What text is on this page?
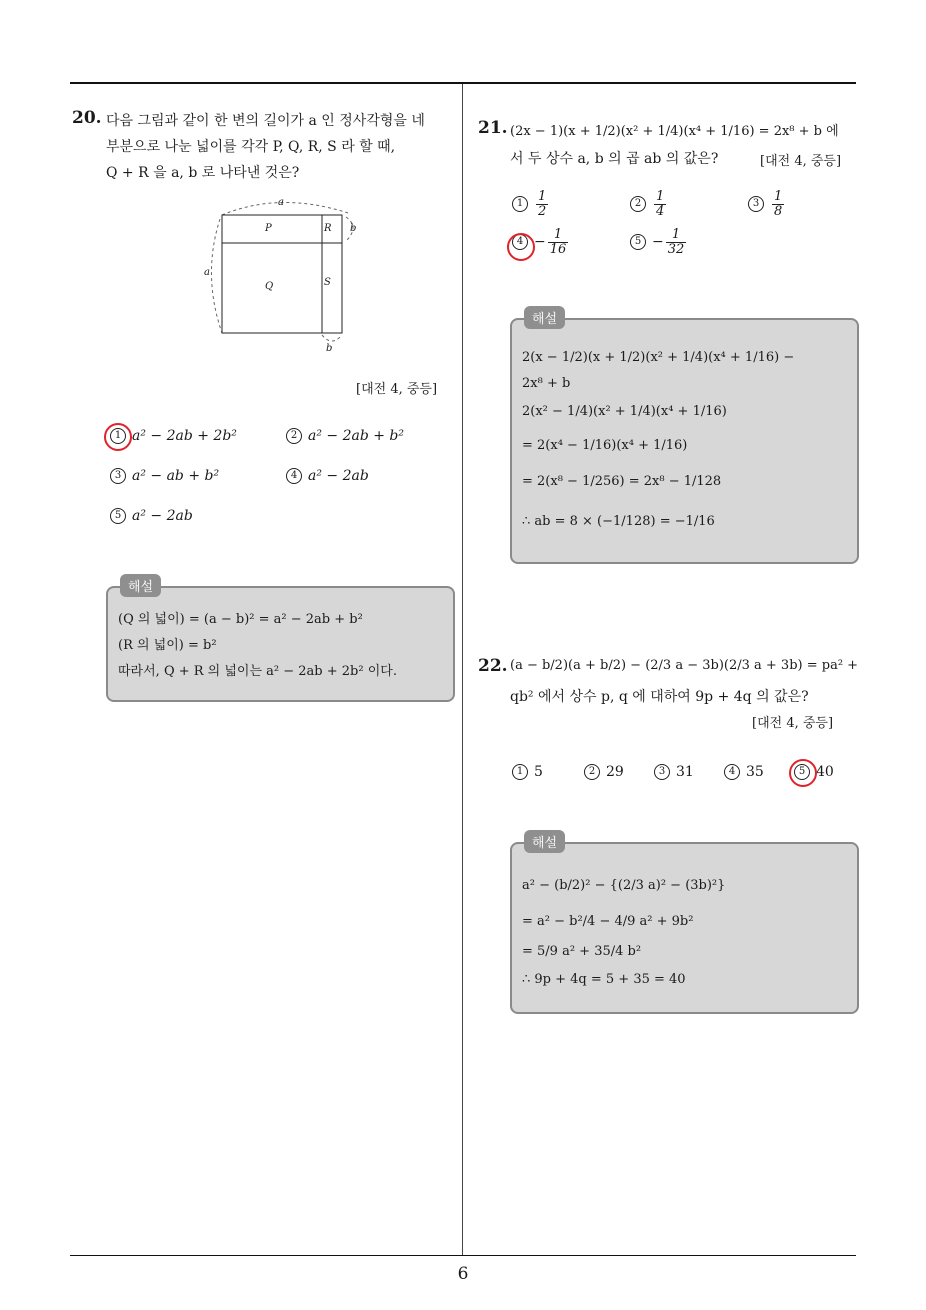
6
20. 다음 그림과 같이 한 변의 길이가 a 인 정사각형을 네
부분으로 나눈 넓이를 각각 P, Q, R, S 라 할 때,
Q + R 을 a, b 로 나타낸 것은?
a
a
b
b
P	R
Q	S
[대전 4, 중등]
1 a² − 2ab + 2b²	2 a² − 2ab + b²
3 a² − ab + b²	4 a² − 2ab
5 a² − 2ab
해설
(Q 의 넓이) = (a − b)² = a² − 2ab + b²
(R 의 넓이) = b²
따라서, Q + R 의 넓이는 a² − 2ab + 2b² 이다.
21. (2x − 1)(x + 1/2)(x² + 1/4)(x⁴ + 1/16) = 2x⁸ + b 에
서 두 상수 a, b 의 곱 ab 의 값은?	[대전 4, 중등]
$1 \frac{1}{2}$	$2 \frac{1}{4}$	$3 \frac{1}{8}$
$4 - \frac{1}{16}$	$5 - \frac{1}{32}$
해설
2(x − 1/2)(x + 1/2)(x² + 1/4)(x⁴ + 1/16) −
2x⁸ + b
2(x² − 1/4)(x² + 1/4)(x⁴ + 1/16)
= 2(x⁴ − 1/16)(x⁴ + 1/16)
= 2(x⁸ − 1/256) = 2x⁸ − 1/128
∴ ab = 8 × (−1/128) = −1/16
22. (a − b/2)(a + b/2) − (2/3 a − 3b)(2/3 a + 3b) = pa² +
qb² 에서 상수 p, q 에 대하여 9p + 4q 의 값은?
[대전 4, 중등]
1 5	2 29	3 31	4 35	5 40
해설
a² − (b/2)² − {(2/3 a)² − (3b)²}
= a² − b²/4 − 4/9 a² + 9b²
= 5/9 a² + 35/4 b²
∴ 9p + 4q = 5 + 35 = 40
